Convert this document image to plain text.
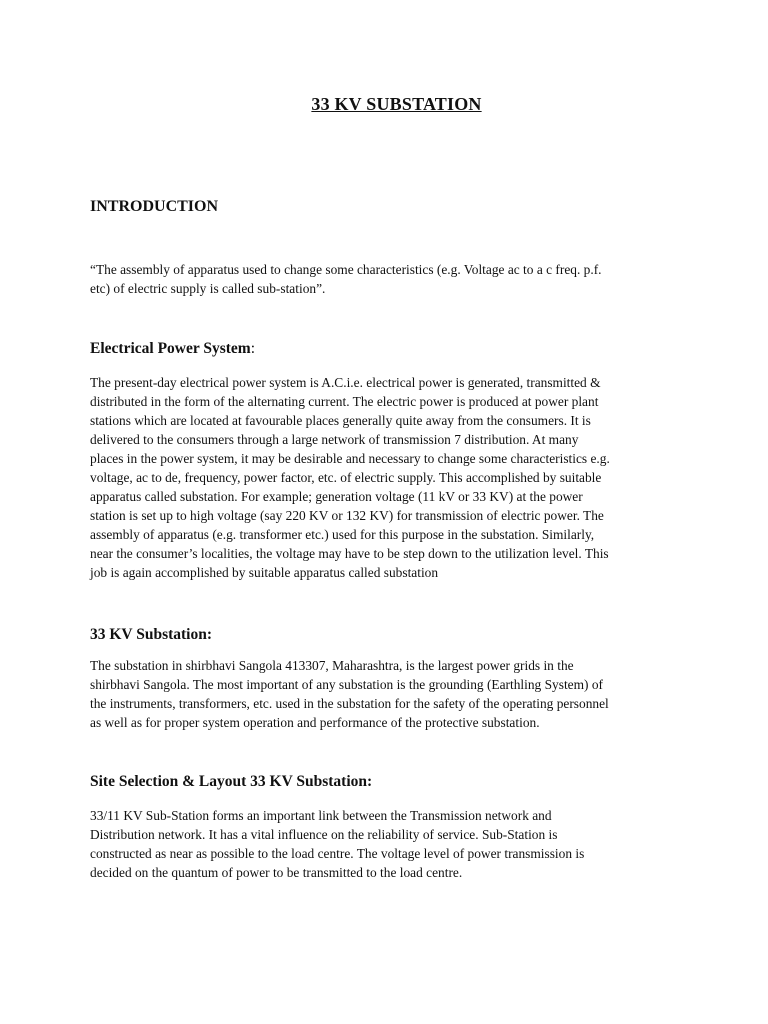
33 KV SUBSTATION
INTRODUCTION
“The assembly of apparatus used to change some characteristics (e.g. Voltage ac to a c freq. p.f.
etc) of electric supply is called sub-station”.
Electrical Power System:
The present-day electrical power system is A.C.i.e. electrical power is generated, transmitted &
distributed in the form of the alternating current. The electric power is produced at power plant
stations which are located at favourable places generally quite away from the consumers. It is
delivered to the consumers through a large network of transmission 7 distribution. At many
places in the power system, it may be desirable and necessary to change some characteristics e.g.
voltage, ac to de, frequency, power factor, etc. of electric supply. This accomplished by suitable
apparatus called substation. For example; generation voltage (11 kV or 33 KV) at the power
station is set up to high voltage (say 220 KV or 132 KV) for transmission of electric power. The
assembly of apparatus (e.g. transformer etc.) used for this purpose in the substation. Similarly,
near the consumer’s localities, the voltage may have to be step down to the utilization level. This
job is again accomplished by suitable apparatus called substation
33 KV Substation:
The substation in shirbhavi Sangola 413307, Maharashtra, is the largest power grids in the
shirbhavi Sangola. The most important of any substation is the grounding (Earthling System) of
the instruments, transformers, etc. used in the substation for the safety of the operating personnel
as well as for proper system operation and performance of the protective substation.
Site Selection & Layout 33 KV Substation:
33/11 KV Sub-Station forms an important link between the Transmission network and
Distribution network. It has a vital influence on the reliability of service. Sub-Station is
constructed as near as possible to the load centre. The voltage level of power transmission is
decided on the quantum of power to be transmitted to the load centre.
